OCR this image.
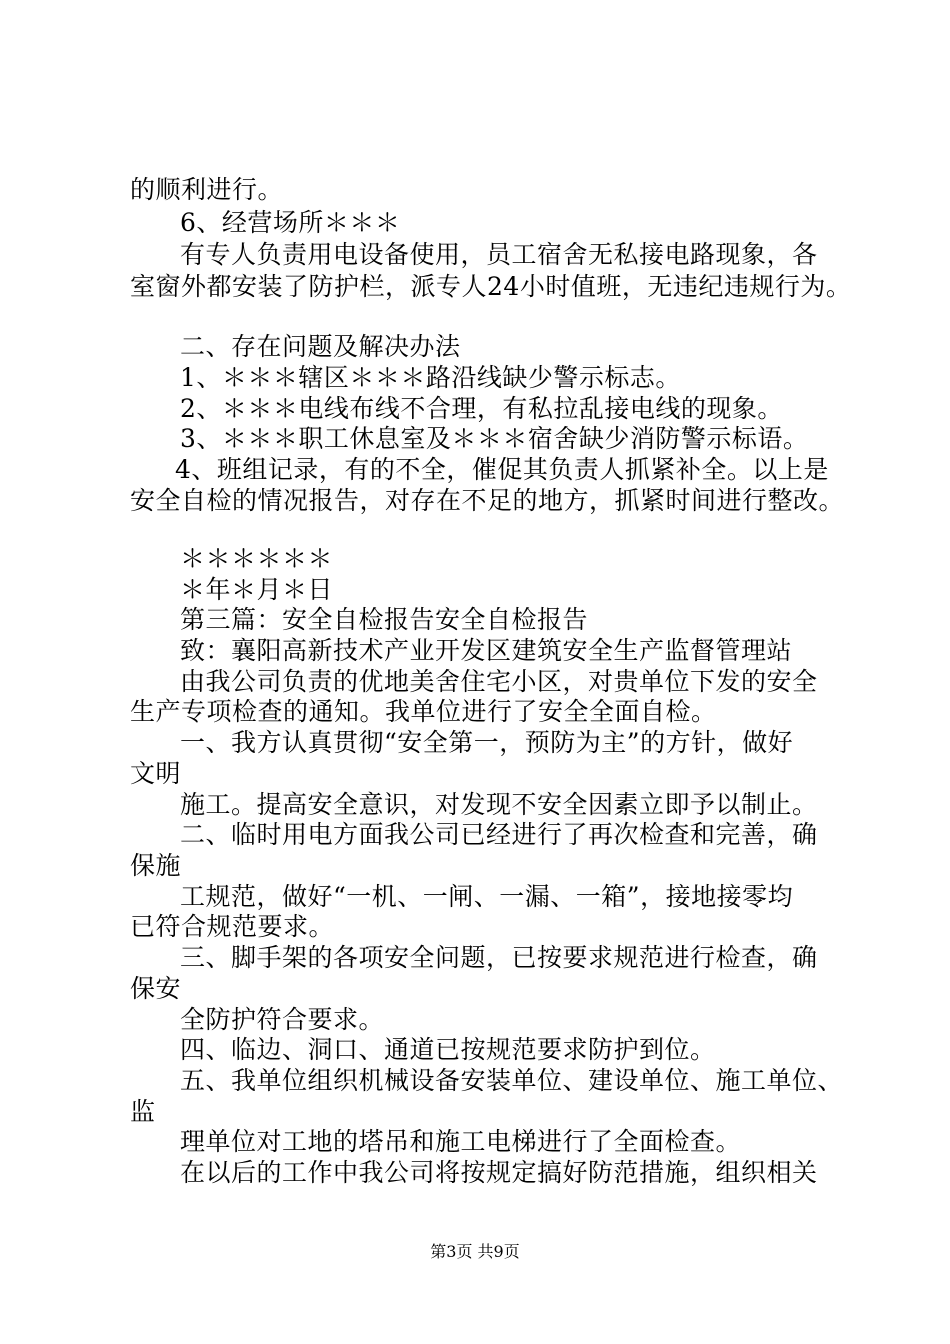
的顺利进行。
6、经营场所＊＊＊
有专人负责用电设备使用，员工宿舍无私接电路现象，各
室窗外都安装了防护栏，派专人24小时值班，无违纪违规行为。
二、存在问题及解决办法
1、＊＊＊辖区＊＊＊路沿线缺少警示标志。
2、＊＊＊电线布线不合理，有私拉乱接电线的现象。
3、＊＊＊职工休息室及＊＊＊宿舍缺少消防警示标语。
4、班组记录，有的不全，催促其负责人抓紧补全。以上是
安全自检的情况报告，对存在不足的地方，抓紧时间进行整改。
＊＊＊＊＊＊
＊年＊月＊日
第三篇：安全自检报告安全自检报告
致：襄阳高新技术产业开发区建筑安全生产监督管理站
由我公司负责的优地美舍住宅小区，对贵单位下发的安全
生产专项检查的通知。我单位进行了安全全面自检。
一、我方认真贯彻“安全第一，预防为主”的方针，做好
文明
施工。提高安全意识，对发现不安全因素立即予以制止。
二、临时用电方面我公司已经进行了再次检查和完善，确
保施
工规范，做好“一机、一闸、一漏、一箱”，接地接零均
已符合规范要求。
三、脚手架的各项安全问题，已按要求规范进行检查，确
保安
全防护符合要求。
四、临边、洞口、通道已按规范要求防护到位。
五、我单位组织机械设备安装单位、建设单位、施工单位、
监
理单位对工地的塔吊和施工电梯进行了全面检查。
在以后的工作中我公司将按规定搞好防范措施，组织相关
第3页 共9页
